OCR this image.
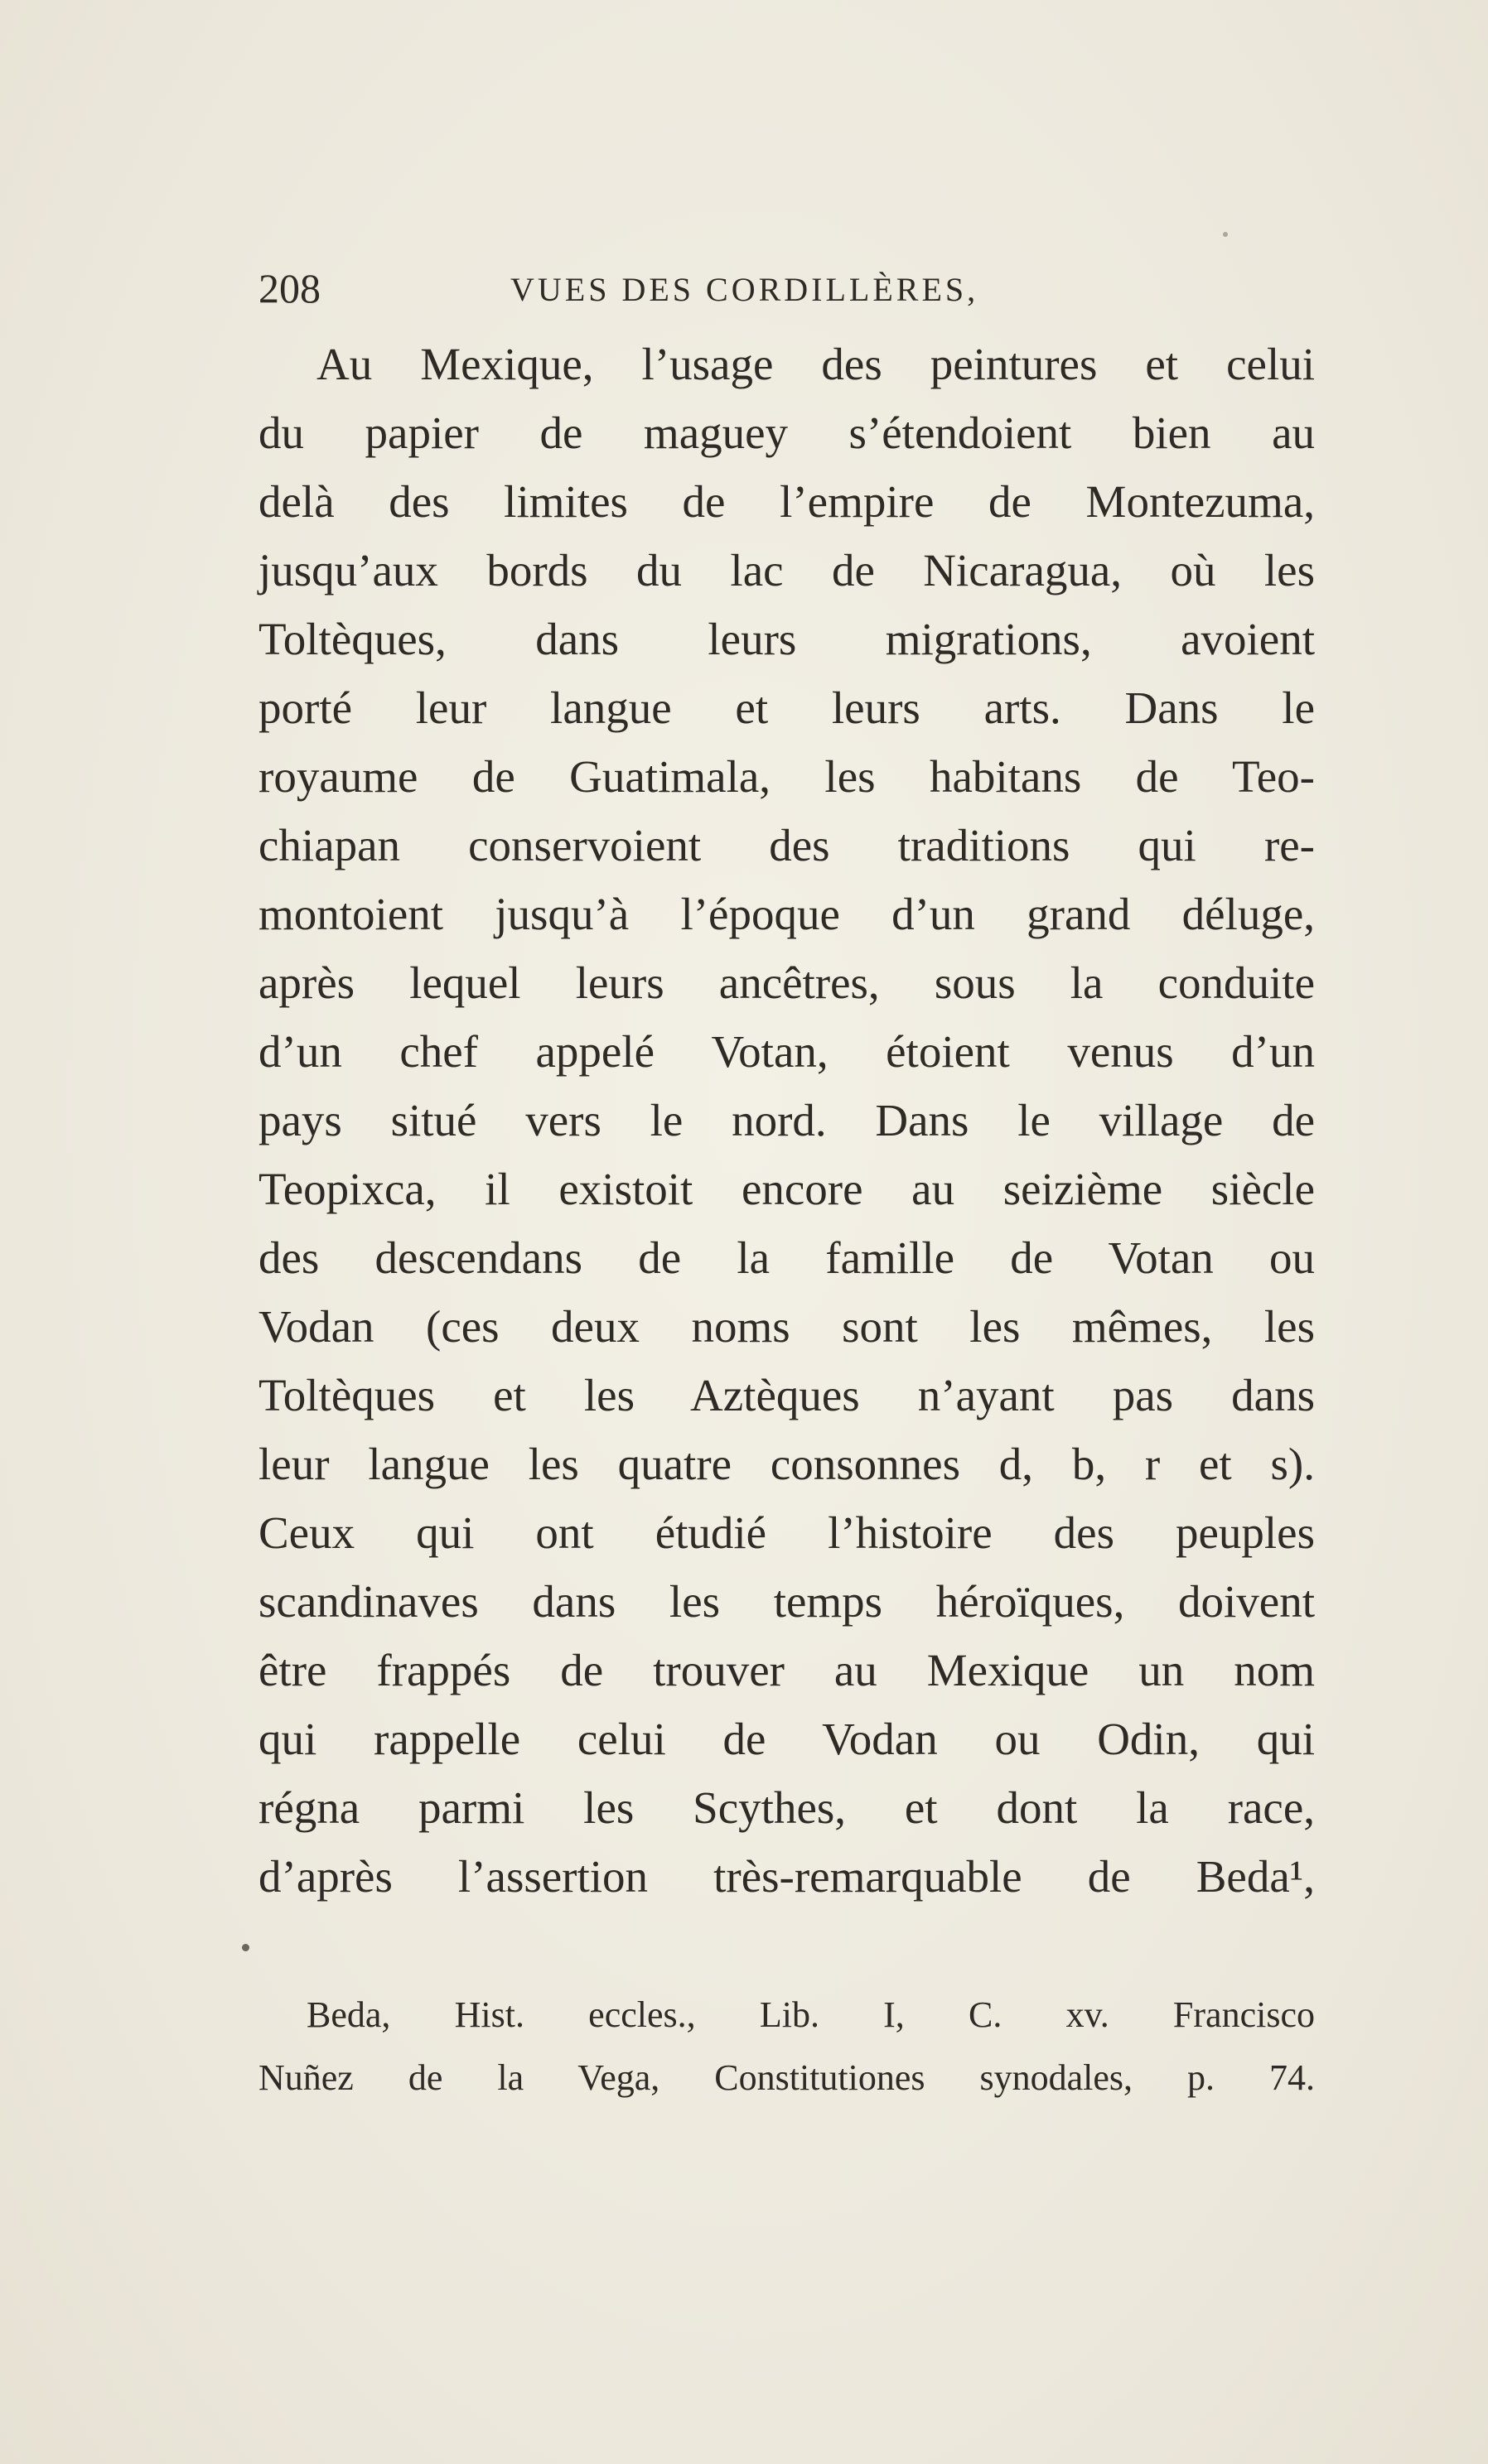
208	VUES DES CORDILLÈRES,
Au Mexique, l’usage des peintures et celui
du papier de maguey s’étendoient bien au
delà des limites de l’empire de Montezuma,
jusqu’aux bords du lac de Nicaragua, où les
Toltèques, dans leurs migrations, avoient
porté leur langue et leurs arts. Dans le
royaume de Guatimala, les habitans de Teo-
chiapan conservoient des traditions qui re-
montoient jusqu’à l’époque d’un grand déluge,
après lequel leurs ancêtres, sous la conduite
d’un chef appelé Votan, étoient venus d’un
pays situé vers le nord. Dans le village de
Teopixca, il existoit encore au seizième siècle
des descendans de la famille de Votan ou
Vodan (ces deux noms sont les mêmes, les
Toltèques et les Aztèques n’ayant pas dans
leur langue les quatre consonnes d, b, r et s).
Ceux qui ont étudié l’histoire des peuples
scandinaves dans les temps héroïques, doivent
être frappés de trouver au Mexique un nom
qui rappelle celui de Vodan ou Odin, qui
régna parmi les Scythes, et dont la race,
d’après l’assertion très-remarquable de Beda¹,
Beda, Hist. eccles., Lib. I, C. xv. Francisco
Nuñez de la Vega, Constitutiones synodales, p. 74.
